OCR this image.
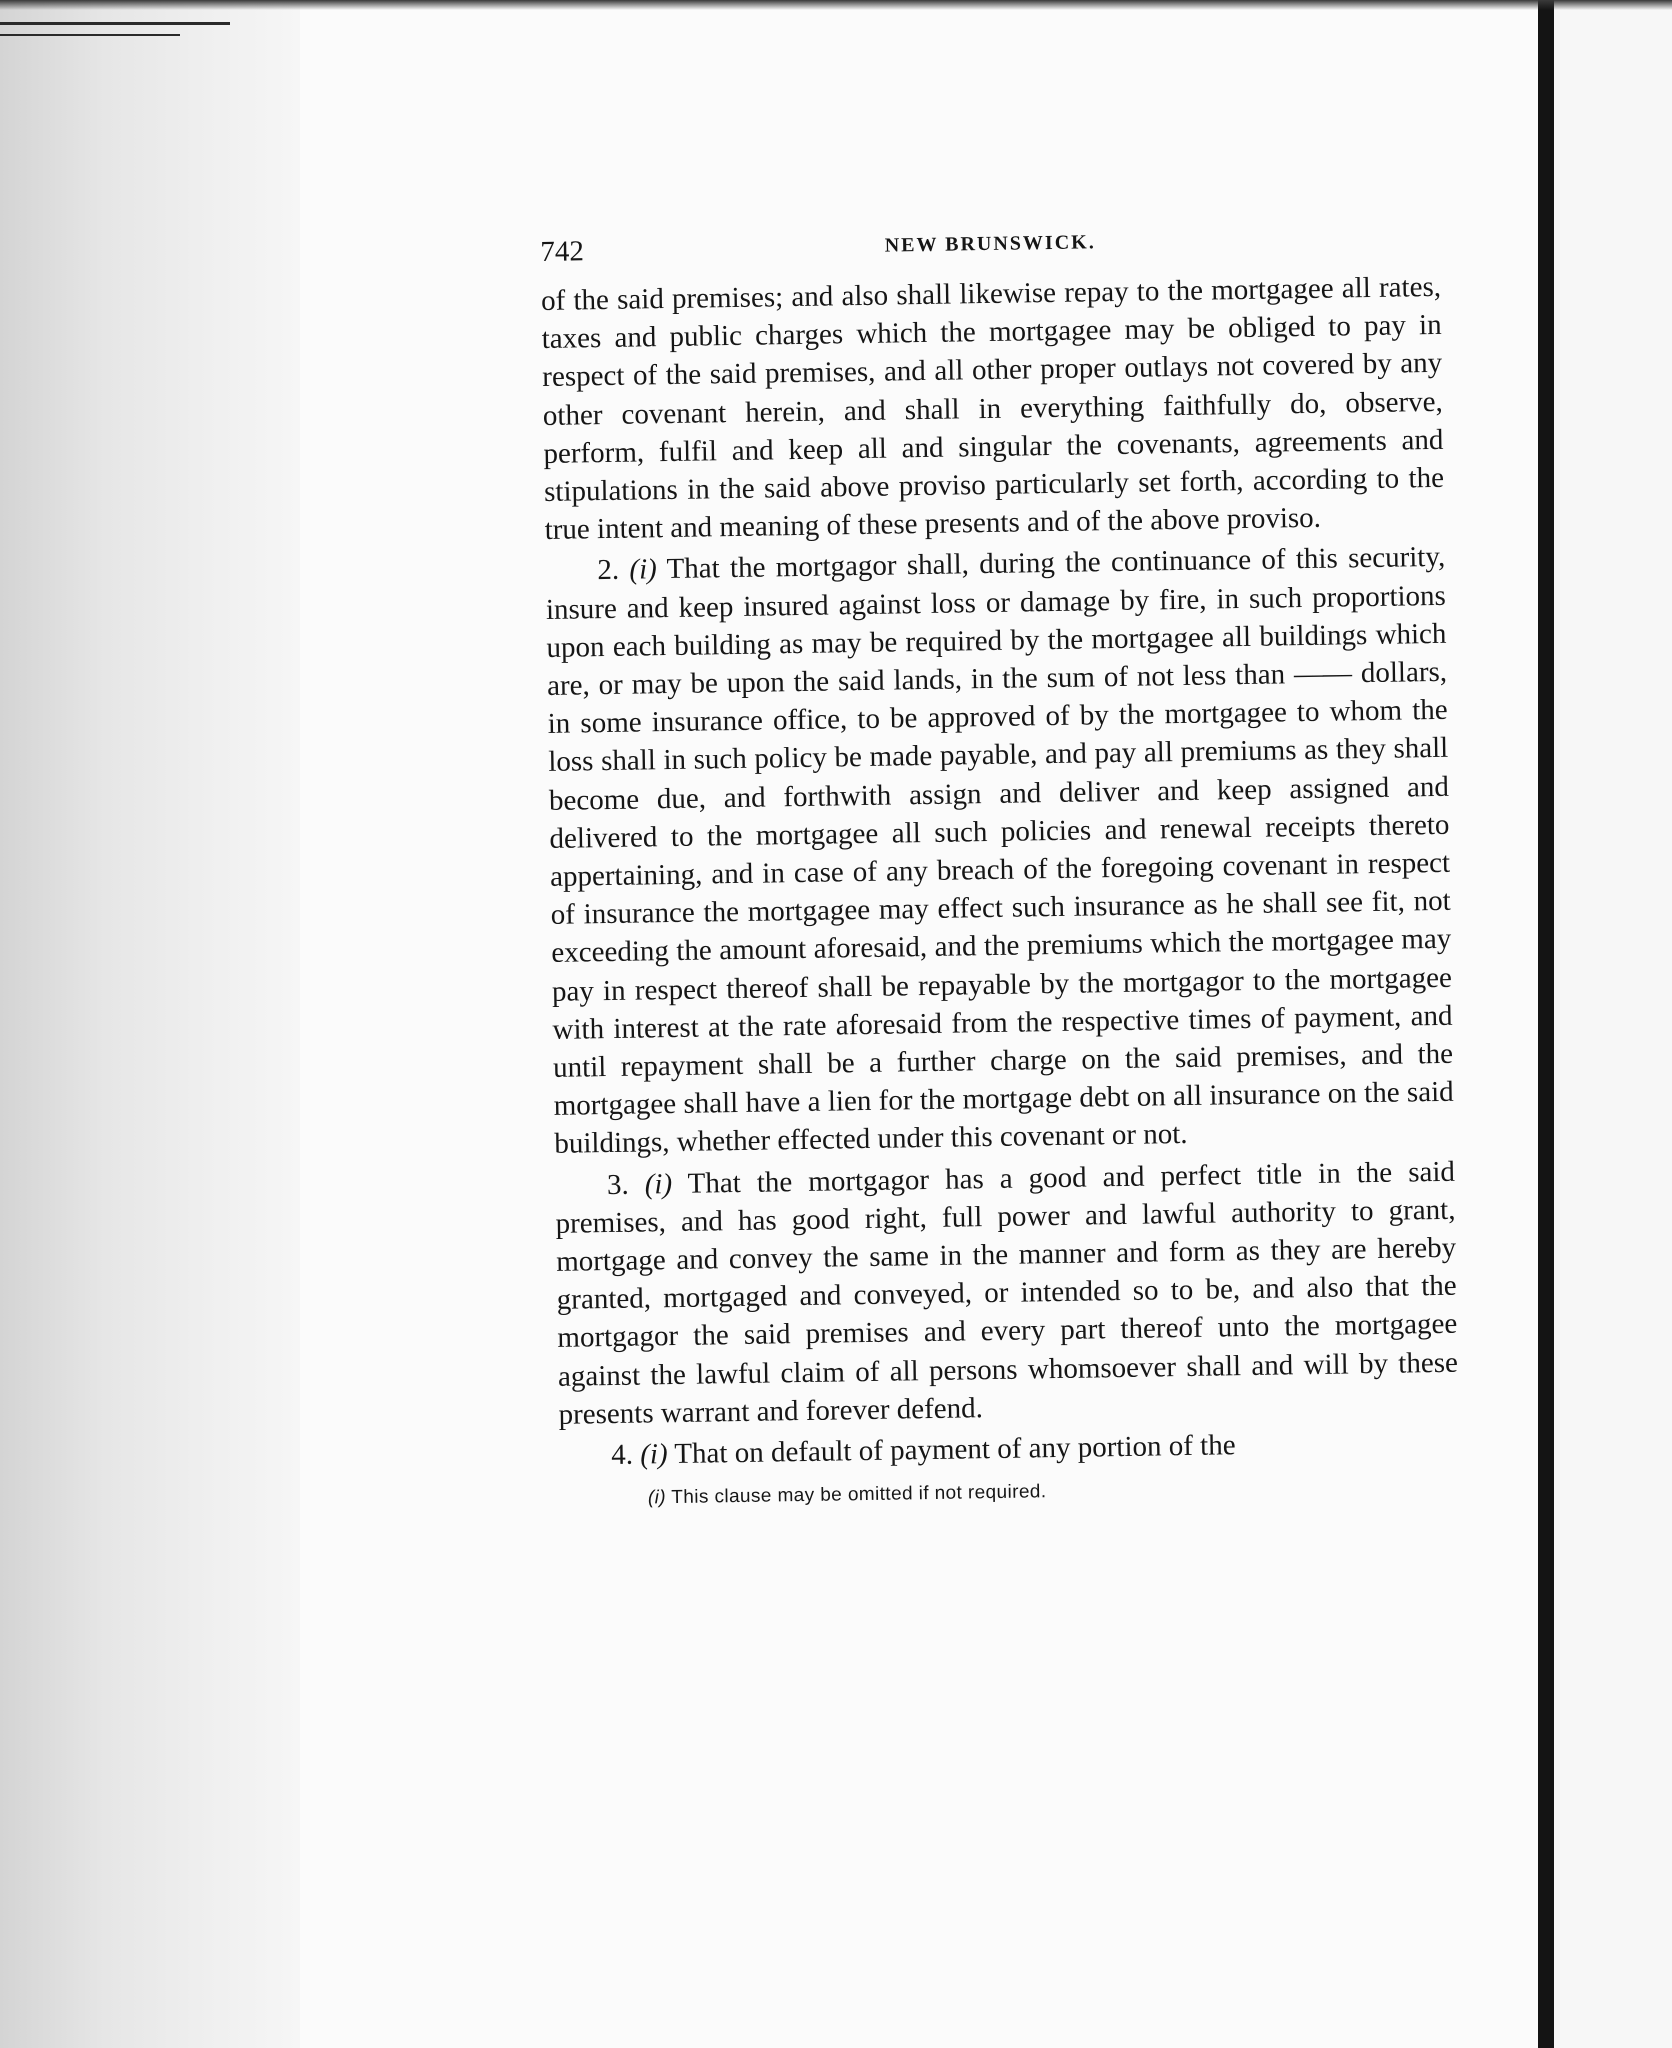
742	NEW BRUNSWICK.

of the said premises; and also shall likewise repay to the mortgagee all rates, taxes and public charges which the mortgagee may be obliged to pay in respect of the said premises, and all other proper outlays not covered by any other covenant herein, and shall in everything faithfully do, observe, perform, fulfil and keep all and singular the covenants, agreements and stipulations in the said above proviso particularly set forth, according to the true intent and meaning of these presents and of the above proviso.

2. (i) That the mortgagor shall, during the continuance of this security, insure and keep insured against loss or damage by fire, in such proportions upon each building as may be required by the mortgagee all buildings which are, or may be upon the said lands, in the sum of not less than —— dollars, in some insurance office, to be approved of by the mortgagee to whom the loss shall in such policy be made payable, and pay all premiums as they shall become due, and forthwith assign and deliver and keep assigned and delivered to the mortgagee all such policies and renewal receipts thereto appertaining, and in case of any breach of the foregoing covenant in respect of insurance the mortgagee may effect such insurance as he shall see fit, not exceeding the amount aforesaid, and the premiums which the mortgagee may pay in respect thereof shall be repayable by the mortgagor to the mortgagee with interest at the rate aforesaid from the respective times of payment, and until repayment shall be a further charge on the said premises, and the mortgagee shall have a lien for the mortgage debt on all insurance on the said buildings, whether effected under this covenant or not.

3. (i) That the mortgagor has a good and perfect title in the said premises, and has good right, full power and lawful authority to grant, mortgage and convey the same in the manner and form as they are hereby granted, mortgaged and conveyed, or intended so to be, and also that the mortgagor the said premises and every part thereof unto the mortgagee against the lawful claim of all persons whomsoever shall and will by these presents warrant and forever defend.

4. (i) That on default of payment of any portion of the

(i) This clause may be omitted if not required.
